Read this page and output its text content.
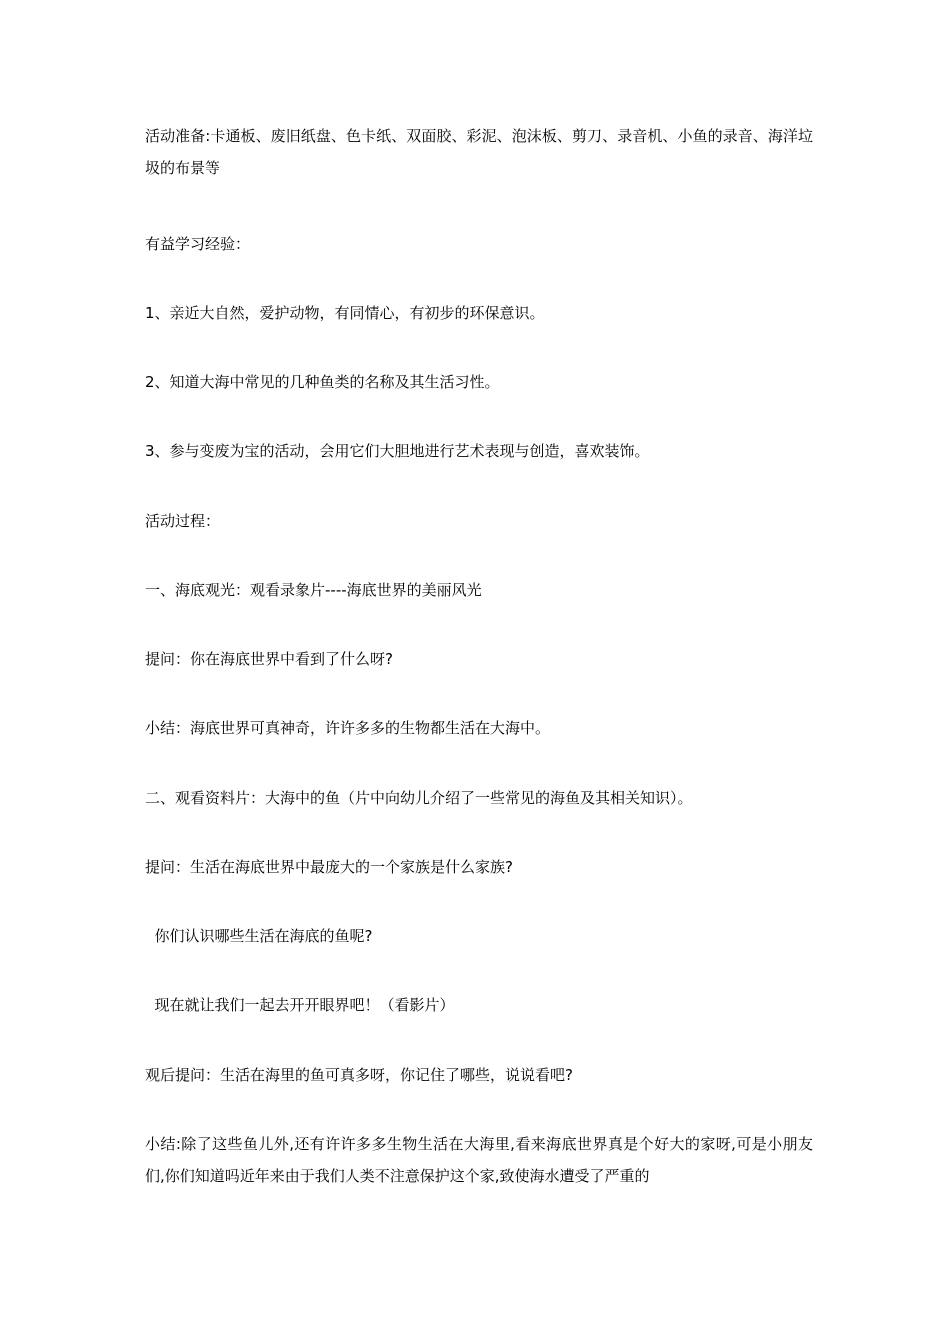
活动准备:卡通板、废旧纸盘、色卡纸、双面胶、彩泥、泡沫板、剪刀、录音机、小鱼的录音、海洋垃圾的布景等

有益学习经验：

1、亲近大自然，爱护动物，有同情心，有初步的环保意识。

2、知道大海中常见的几种鱼类的名称及其生活习性。

3、参与变废为宝的活动，会用它们大胆地进行艺术表现与创造，喜欢装饰。

活动过程：

一、海底观光：观看录象片----海底世界的美丽风光

提问：你在海底世界中看到了什么呀?

小结：海底世界可真神奇，许许多多的生物都生活在大海中。

二、观看资料片：大海中的鱼（片中向幼儿介绍了一些常见的海鱼及其相关知识）。

提问：生活在海底世界中最庞大的一个家族是什么家族?

你们认识哪些生活在海底的鱼呢?

现在就让我们一起去开开眼界吧！（看影片）

观后提问：生活在海里的鱼可真多呀，你记住了哪些，说说看吧?

小结:除了这些鱼儿外,还有许许多多生物生活在大海里,看来海底世界真是个好大的家呀,可是小朋友们,你们知道吗近年来由于我们人类不注意保护这个家,致使海水遭受了严重的
